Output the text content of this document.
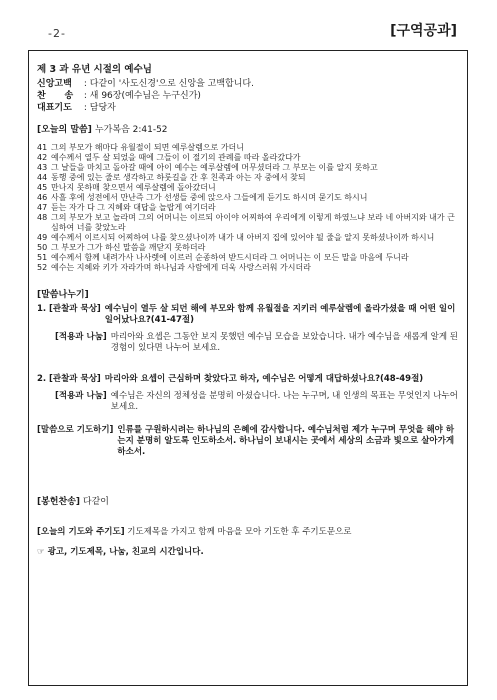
-2-	[구역공과]
제 3 과 유년 시절의 예수님
신앙고백 : 다같이 '사도신경'으로 신앙을 고백합니다.
찬      송 : 새 96장(예수님은 누구신가)
대표기도 : 담당자
[오늘의 말씀] 누가복음 2:41-52
41 그의 부모가 해마다 유월절이 되면 예루살렘으로 가더니
42 예수께서 열두 살 되었을 때에 그들이 이 절기의 관례를 따라 올라갔다가
43 그 날들을 마치고 돌아갈 때에 아이 예수는 예루살렘에 머무셨더라 그 부모는 이를 알지 못하고
44 동행 중에 있는 줄로 생각하고 하룻길을 간 후 친족과 아는 자 중에서 찾되
45 만나지 못하매 찾으면서 예루살렘에 돌아갔더니
46 사흘 후에 성전에서 만난즉 그가 선생들 중에 앉으사 그들에게 듣기도 하시며 묻기도 하시니
47 듣는 자가 다 그 지혜와 대답을 놀랍게 여기더라
48 그의 부모가 보고 놀라며 그의 어머니는 이르되 아이야 어찌하여 우리에게 이렇게 하였느냐 보라 네 아버지와 내가 근심하여 너를 찾았노라
49 예수께서 이르시되 어찌하여 나를 찾으셨나이까 내가 내 아버지 집에 있어야 될 줄을 알지 못하셨나이까 하시니
50 그 부모가 그가 하신 말씀을 깨닫지 못하더라
51 예수께서 함께 내려가사 나사렛에 이르러 순종하여 받드시더라 그 어머니는 이 모든 말을 마음에 두니라
52 예수는 지혜와 키가 자라가며 하나님과 사람에게 더욱 사랑스러워 가시더라
[말씀나누기]
1. [관찰과 묵상] 예수님이 열두 살 되던 해에 부모와 함께 유월절을 지키러 예루살렘에 올라가셨을 때 어떤 일이 일어났나요?(41-47절)
[적용과 나눔] 마리아와 요셉은 그동안 보지 못했던 예수님 모습을 보았습니다. 내가 예수님을 새롭게 알게 된 경험이 있다면 나누어 보세요.
2. [관찰과 묵상] 마리아와 요셉이 근심하며 찾았다고 하자, 예수님은 어떻게 대답하셨나요?(48-49절)
[적용과 나눔] 예수님은 자신의 정체성을 분명히 아셨습니다. 나는 누구며, 내 인생의 목표는 무엇인지 나누어 보세요.
[말씀으로 기도하기] 인류를 구원하시려는 하나님의 은혜에 감사합니다. 예수님처럼 제가 누구며 무엇을 해야 하는지 분명히 알도록 인도하소서. 하나님이 보내시는 곳에서 세상의 소금과 빛으로 살아가게 하소서.
[봉헌찬송] 다같이
[오늘의 기도와 주기도] 기도제목을 가지고 함께 마음을 모아 기도한 후 주기도문으로
☞ 광고, 기도제목, 나눔, 친교의 시간입니다.
